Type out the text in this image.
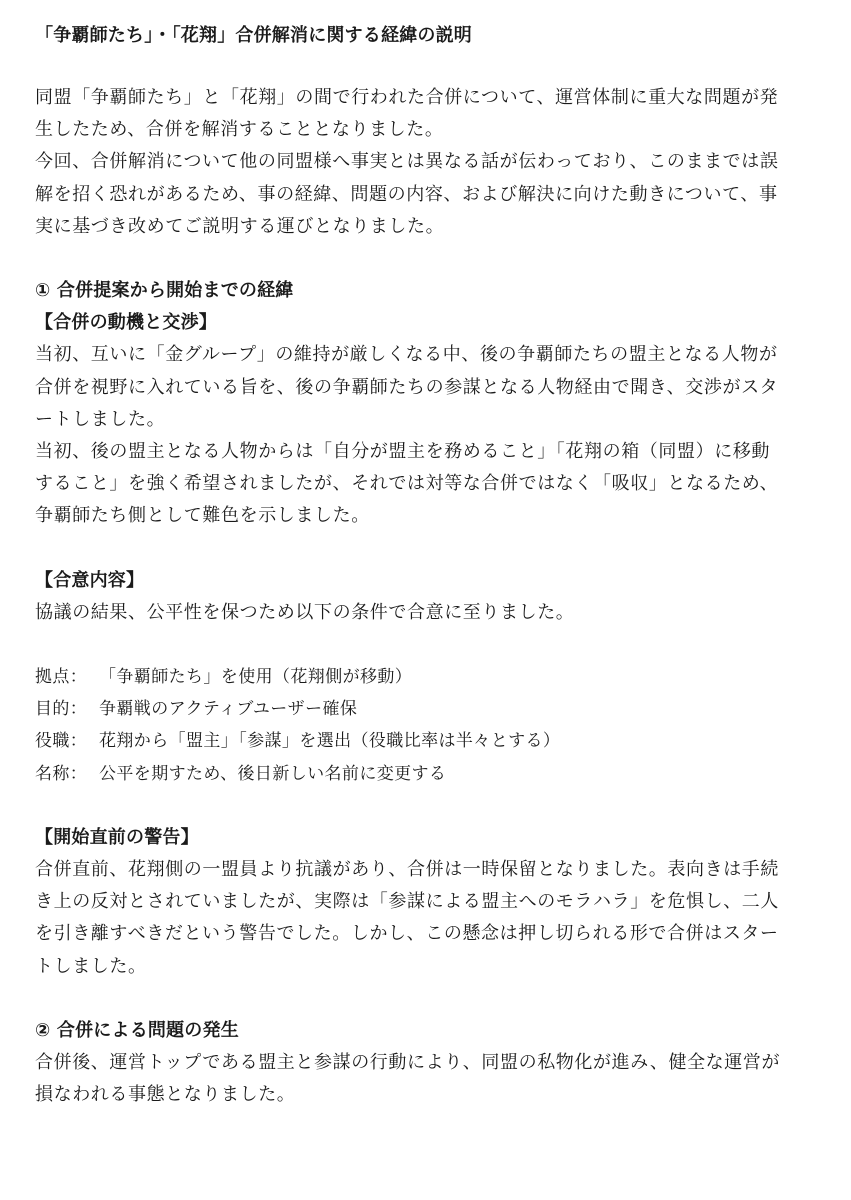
「争覇師たち」・「花翔」合併解消に関する経緯の説明
同盟「争覇師たち」と「花翔」の間で行われた合併について、運営体制に重大な問題が発
生したため、合併を解消することとなりました。
今回、合併解消について他の同盟様へ事実とは異なる話が伝わっており、このままでは誤
解を招く恐れがあるため、事の経緯、問題の内容、および解決に向けた動きについて、事
実に基づき改めてご説明する運びとなりました。
① 合併提案から開始までの経緯
【合併の動機と交渉】
当初、互いに「金グループ」の維持が厳しくなる中、後の争覇師たちの盟主となる人物が
合併を視野に入れている旨を、後の争覇師たちの参謀となる人物経由で聞き、交渉がスタ
ートしました。
当初、後の盟主となる人物からは「自分が盟主を務めること」「花翔の箱（同盟）に移動
すること」を強く希望されましたが、それでは対等な合併ではなく「吸収」となるため、
争覇師たち側として難色を示しました。
【合意内容】
協議の結果、公平性を保つため以下の条件で合意に至りました。
拠点： 「争覇師たち」を使用（花翔側が移動）
目的： 争覇戦のアクティブユーザー確保
役職： 花翔から「盟主」「参謀」を選出（役職比率は半々とする）
名称： 公平を期すため、後日新しい名前に変更する
【開始直前の警告】
合併直前、花翔側の一盟員より抗議があり、合併は一時保留となりました。表向きは手続
き上の反対とされていましたが、実際は「参謀による盟主へのモラハラ」を危惧し、二人
を引き離すべきだという警告でした。しかし、この懸念は押し切られる形で合併はスター
トしました。
② 合併による問題の発生
合併後、運営トップである盟主と参謀の行動により、同盟の私物化が進み、健全な運営が
損なわれる事態となりました。
